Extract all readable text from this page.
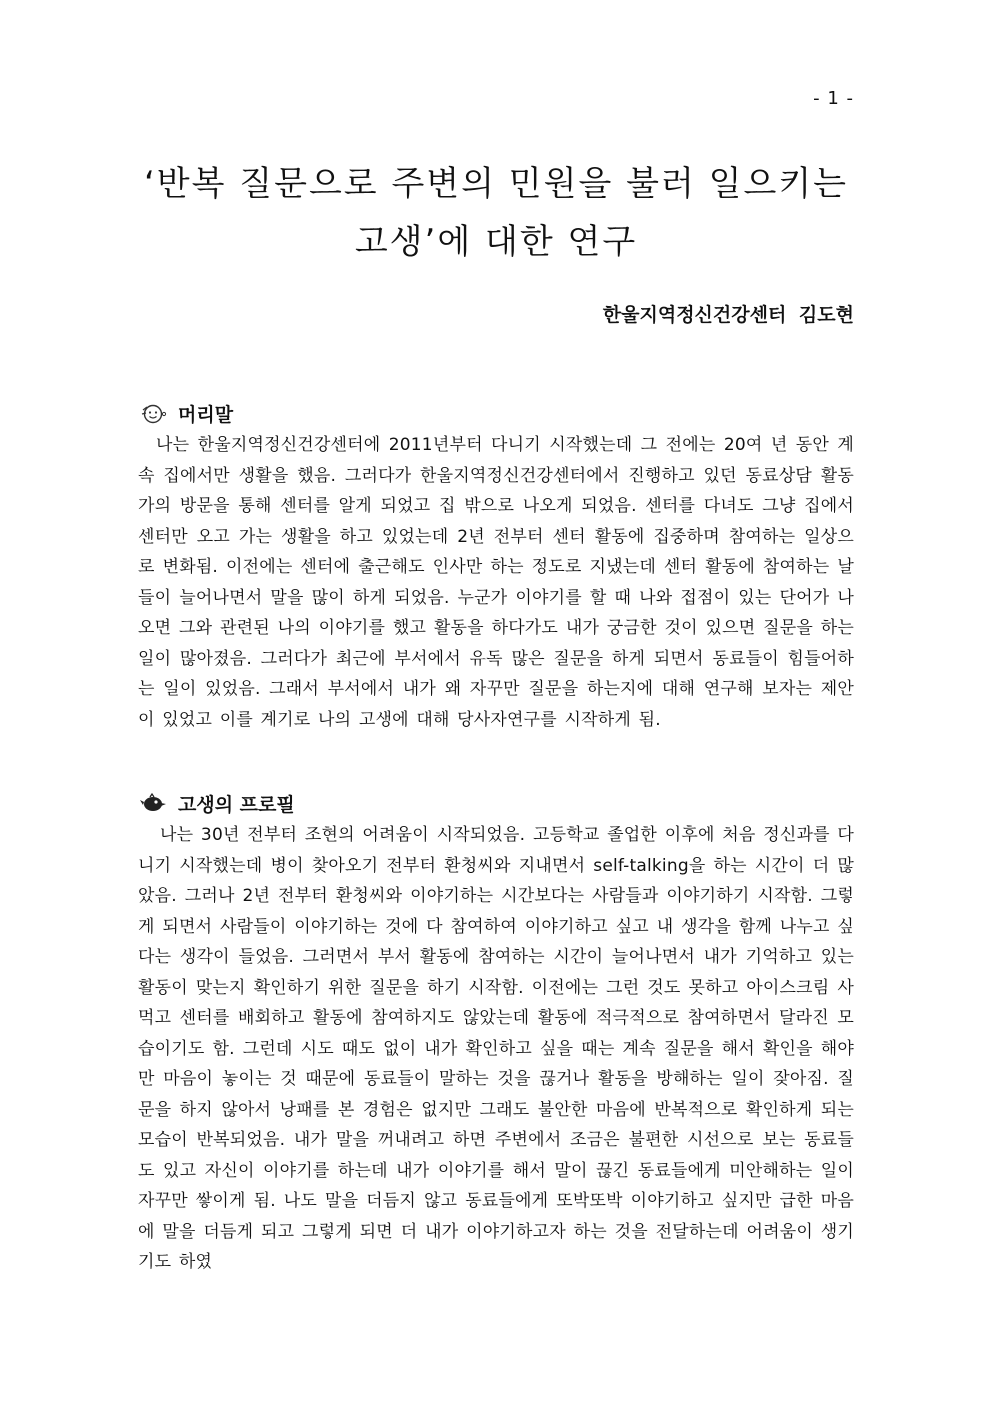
- 1 -
‘반복 질문으로 주변의 민원을 불러 일으키는
고생’에 대한 연구
한울지역정신건강센터 김도현
머리말

나는 한울지역정신건강센터에 2011년부터 다니기 시작했는데 그 전에는 20여 년 동안 계속 집에서만 생활을 했음. 그러다가 한울지역정신건강센터에서 진행하고 있던 동료상담 활동가의 방문을 통해 센터를 알게 되었고 집 밖으로 나오게 되었음. 센터를 다녀도 그냥 집에서 센터만 오고 가는 생활을 하고 있었는데 2년 전부터 센터 활동에 집중하며 참여하는 일상으로 변화됨. 이전에는 센터에 출근해도 인사만 하는 정도로 지냈는데 센터 활동에 참여하는 날들이 늘어나면서 말을 많이 하게 되었음. 누군가 이야기를 할 때 나와 접점이 있는 단어가 나오면 그와 관련된 나의 이야기를 했고 활동을 하다가도 내가 궁금한 것이 있으면 질문을 하는 일이 많아졌음. 그러다가 최근에 부서에서 유독 많은 질문을 하게 되면서 동료들이 힘들어하는 일이 있었음. 그래서 부서에서 내가 왜 자꾸만 질문을 하는지에 대해 연구해 보자는 제안이 있었고 이를 계기로 나의 고생에 대해 당사자연구를 시작하게 됨.

고생의 프로필

나는 30년 전부터 조현의 어려움이 시작되었음. 고등학교 졸업한 이후에 처음 정신과를 다니기 시작했는데 병이 찾아오기 전부터 환청씨와 지내면서 self-talking을 하는 시간이 더 많았음. 그러나 2년 전부터 환청씨와 이야기하는 시간보다는 사람들과 이야기하기 시작함. 그렇게 되면서 사람들이 이야기하는 것에 다 참여하여 이야기하고 싶고 내 생각을 함께 나누고 싶다는 생각이 들었음. 그러면서 부서 활동에 참여하는 시간이 늘어나면서 내가 기억하고 있는 활동이 맞는지 확인하기 위한 질문을 하기 시작함. 이전에는 그런 것도 못하고 아이스크림 사 먹고 센터를 배회하고 활동에 참여하지도 않았는데 활동에 적극적으로 참여하면서 달라진 모습이기도 함. 그런데 시도 때도 없이 내가 확인하고 싶을 때는 계속 질문을 해서 확인을 해야만 마음이 놓이는 것 때문에 동료들이 말하는 것을 끊거나 활동을 방해하는 일이 잦아짐. 질문을 하지 않아서 낭패를 본 경험은 없지만 그래도 불안한 마음에 반복적으로 확인하게 되는 모습이 반복되었음. 내가 말을 꺼내려고 하면 주변에서 조금은 불편한 시선으로 보는 동료들도 있고 자신이 이야기를 하는데 내가 이야기를 해서 말이 끊긴 동료들에게 미안해하는 일이 자꾸만 쌓이게 됨. 나도 말을 더듬지 않고 동료들에게 또박또박 이야기하고 싶지만 급한 마음에 말을 더듬게 되고 그렇게 되면 더 내가 이야기하고자 하는 것을 전달하는데 어려움이 생기기도 하였
